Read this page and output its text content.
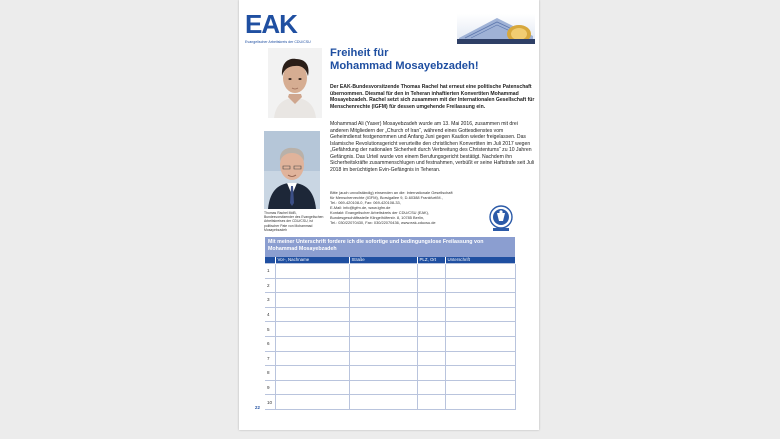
EAK
Evangelischer Arbeitskreis der CDU/CSU
Freiheit für
Mohammad Mosayebzadeh!
Thomas Rachel MdB, Bundesvorsitzender des Evangelischen Arbeitskreises der CDU/CSU, ist politischer Pate von Mohammad Mosayebzadeh
Der EAK-Bundesvorsitzende Thomas Rachel hat erneut eine politische Patenschaft übernommen. Diesmal für den in Teheran inhaftierten Konvertiten Mohammad Mosayebzadeh. Rachel setzt sich zusammen mit der Internationalen Gesellschaft für Menschenrechte (IGFM) für dessen umgehende Freilassung ein.
Mohammad Ali (Yaser) Mosayebzadeh wurde am 13. Mai 2016, zusammen mit drei anderen Mitgliedern der „Church of Iran“, während eines Gottesdienstes vom Geheimdienst festgenommen und Anfang Juni gegen Kaution wieder freigelassen. Das Islamische Revolutionsgericht verurteilte den christlichen Konvertiten im Juli 2017 wegen „Gefährdung der nationalen Sicherheit durch Verbreitung des Christentums“ zu 10 Jahren Gefängnis. Das Urteil wurde von einem Berufungsgericht bestätigt. Nachdem ihn Sicherheitskräfte zusammenschlugen und festnahmen, verbüßt er seine Haftstrafe seit Juli 2018 im berüchtigten Evin-Gefängnis in Teheran.
Bitte (auch unvollständig) einsenden an die: Internationale Gesellschaft
für Menschenrechte (IGFM), Borsigallee 9, D-60388 Frankfurt/M.,
Tel.: 069-420108-0, Fax: 069-420108-33,
E-Mail: info@igfm.de, www.igfm.de
Kontakt: Evangelischer Arbeitskreis der CDU/CSU (EAK),
Bundesgeschäftsstelle Klingelhöferstr. 8, 10785 Berlin,
Tel.: 030/22070430, Fax: 030/22070436, www.eak-cducsu.de
Mit meiner Unterschrift fordere ich die sofortige und bedingungslose Freilassung von Mohammad Mosayebzadeh
	Vor-, Nachname	Straße	PLZ, Ort	Unterschrift
1				
2				
3				
4				
5				
6				
7				
8				
9				
10				
22
